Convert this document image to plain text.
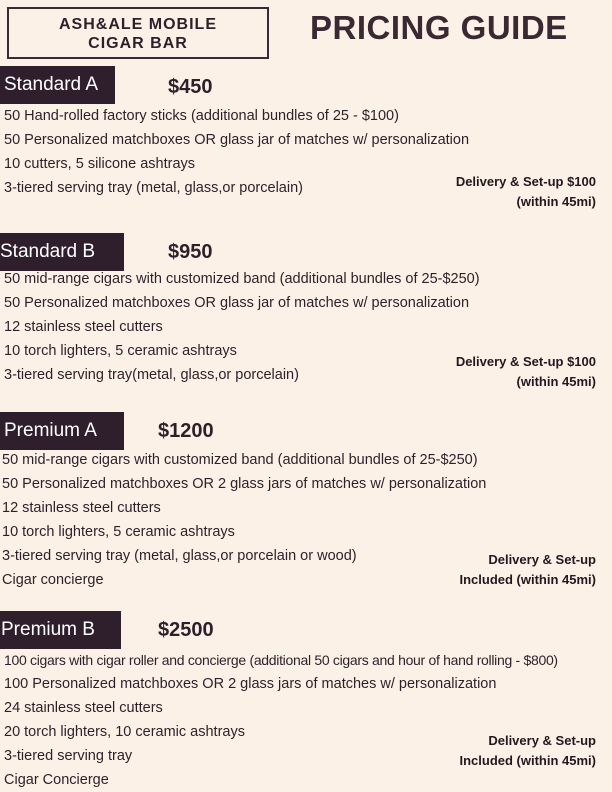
ASH&ALE MOBILE
CIGAR BAR	PRICING GUIDE
Standard A	$450
50 Hand-rolled factory sticks (additional bundles of 25 - $100)
50 Personalized matchboxes OR glass jar of matches w/ personalization
10 cutters, 5 silicone ashtrays
3-tiered serving tray (metal, glass,or porcelain)	Delivery & Set-up $100
(within 45mi)
Standard B	$950
50 mid-range cigars with customized band (additional bundles of 25-$250)
50 Personalized matchboxes OR glass jar of matches w/ personalization
12 stainless steel cutters
10 torch lighters, 5 ceramic ashtrays
3-tiered serving tray(metal, glass,or porcelain)
Delivery & Set-up $100
(within 45mi)
Premium A	$1200
50 mid-range cigars with customized band (additional bundles of 25-$250)
50 Personalized matchboxes OR 2 glass jars of matches w/ personalization
12 stainless steel cutters
10 torch lighters, 5 ceramic ashtrays
3-tiered serving tray (metal, glass,or porcelain or wood)
Cigar concierge
Delivery & Set-up
Included (within 45mi)
Premium B	$2500
100 cigars with cigar roller and concierge (additional 50 cigars and hour of hand rolling - $800)
100 Personalized matchboxes OR 2 glass jars of matches w/ personalization
24 stainless steel cutters
20 torch lighters, 10 ceramic ashtrays
3-tiered serving tray
Cigar Concierge
Delivery & Set-up
Included (within 45mi)
